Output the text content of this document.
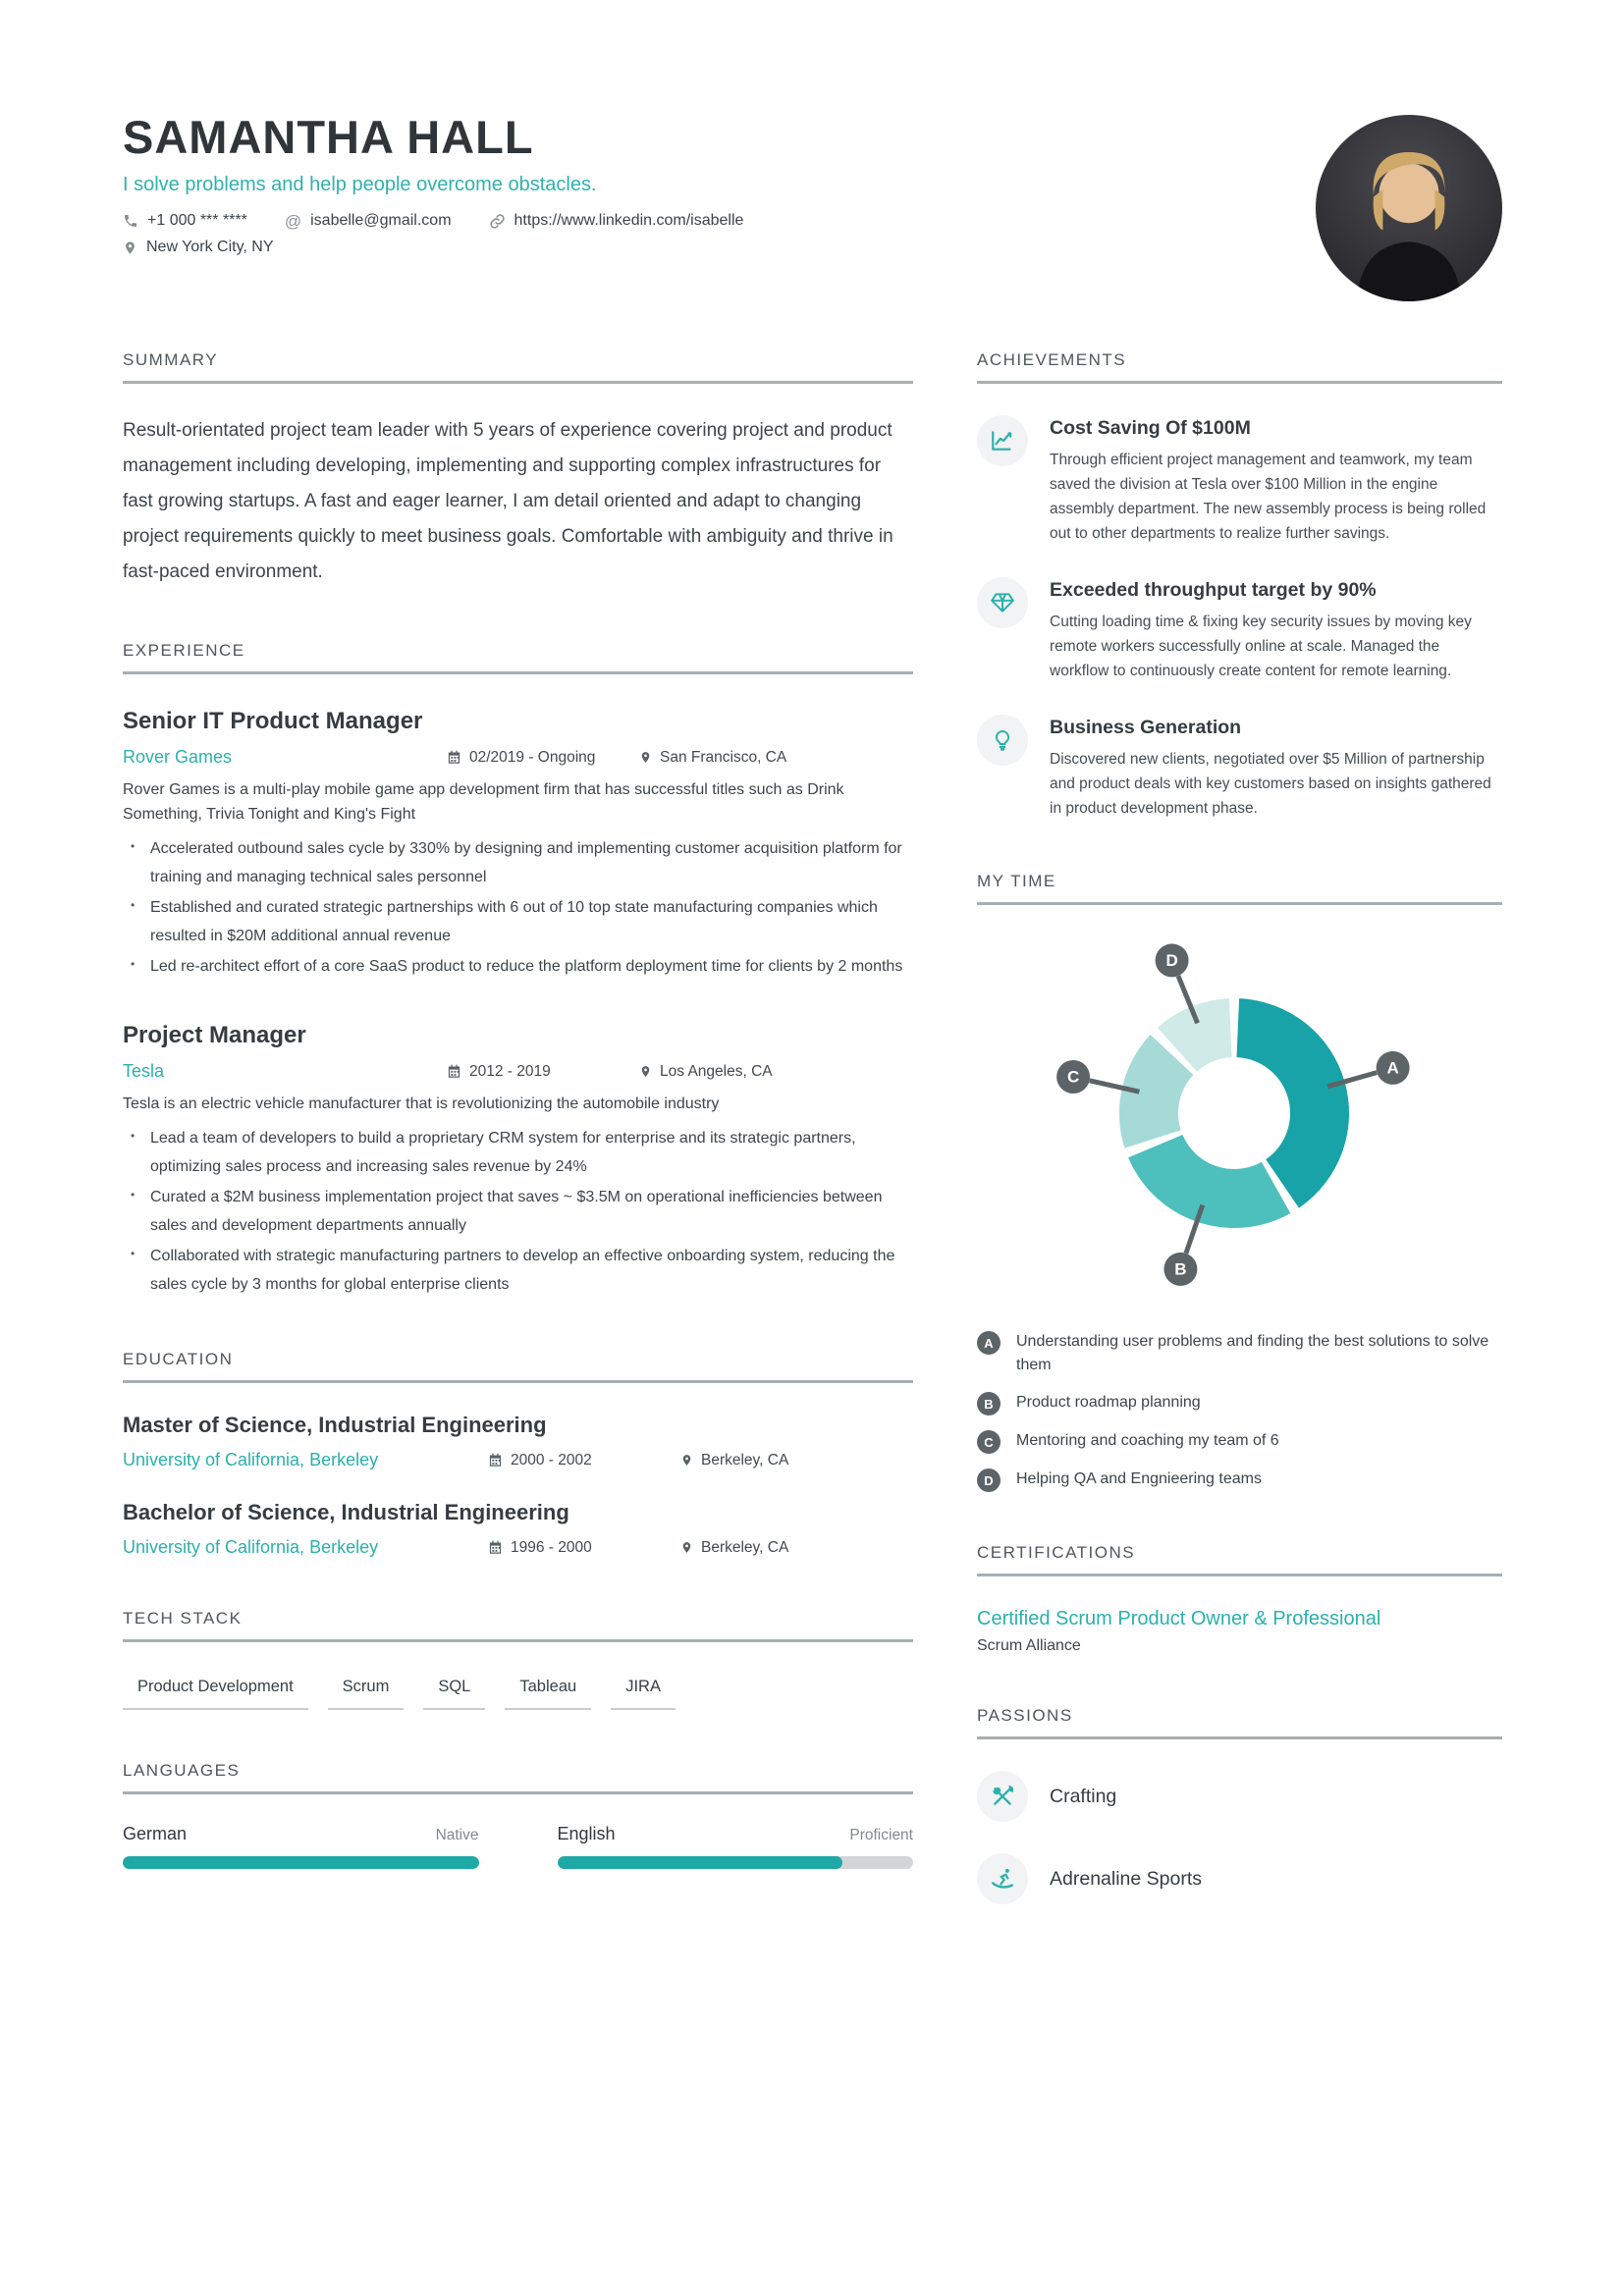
SAMANTHA HALL
I solve problems and help people overcome obstacles.
+1 000 *** **** @ isabelle@gmail.com	https://www.linkedin.com/isabelle
New York City, NY
SUMMARY
Result-orientated project team leader with 5 years of experience covering project and product management including developing, implementing and supporting complex infrastructures for fast growing startups. A fast and eager learner, I am detail oriented and adapt to changing project requirements quickly to meet business goals. Comfortable with ambiguity and thrive in fast-paced environment.
EXPERIENCE
Senior IT Product Manager
Rover Games	02/2019 - Ongoing	San Francisco, CA
Rover Games is a multi-play mobile game app development firm that has successful titles such as Drink Something, Trivia Tonight and King's Fight
• Accelerated outbound sales cycle by 330% by designing and implementing customer acquisition platform for training and managing technical sales personnel
• Established and curated strategic partnerships with 6 out of 10 top state manufacturing companies which resulted in $20M additional annual revenue
• Led re-architect effort of a core SaaS product to reduce the platform deployment time for clients by 2 months
Project Manager
Tesla	2012 - 2019	Los Angeles, CA
Tesla is an electric vehicle manufacturer that is revolutionizing the automobile industry
• Lead a team of developers to build a proprietary CRM system for enterprise and its strategic partners, optimizing sales process and increasing sales revenue by 24%
• Curated a $2M business implementation project that saves ~ $3.5M on operational inefficiencies between sales and development departments annually
• Collaborated with strategic manufacturing partners to develop an effective onboarding system, reducing the sales cycle by 3 months for global enterprise clients
EDUCATION
Master of Science, Industrial Engineering
University of California, Berkeley	2000 - 2002	Berkeley, CA
Bachelor of Science, Industrial Engineering
University of California, Berkeley	1996 - 2000	Berkeley, CA
TECH STACK
Product Development	Scrum	SQL	Tableau	JIRA
LANGUAGES
German	Native	English	Proficient
ACHIEVEMENTS
Cost Saving Of $100M

Through efficient project management and teamwork, my team saved the division at Tesla over $100 Million in the engine assembly department. The new assembly process is being rolled out to other departments to realize further savings.

Exceeded throughput target by 90%

Cutting loading time & fixing key security issues by moving key remote workers successfully online at scale. Managed the workflow to continuously create content for remote learning.

Business Generation

Discovered new clients, negotiated over $5 Million of partnership and product deals with key customers based on insights gathered in product development phase.

MY TIME
A
B
C
D
A	Understanding user problems and finding the best solutions to solve them
B	Product roadmap planning
C	Mentoring and coaching my team of 6
D	Helping QA and Engnieering teams
CERTIFICATIONS
Certified Scrum Product Owner & Professional
Scrum Alliance
PASSIONS
Crafting
Adrenaline Sports
